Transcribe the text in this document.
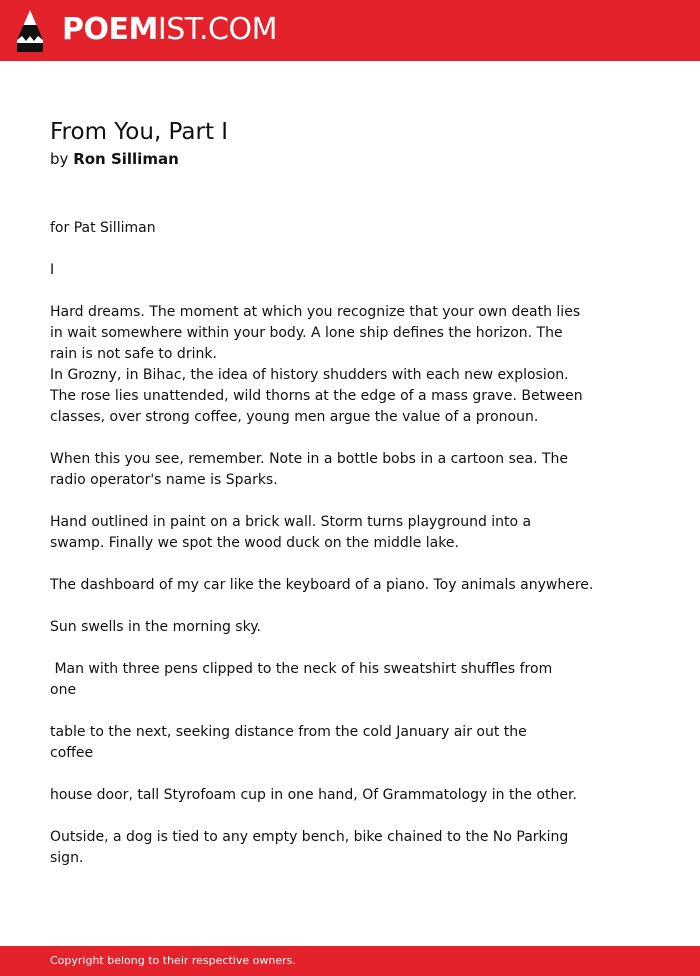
POEMIST.COM
From You, Part I
by Ron Silliman
for Pat Silliman
I
Hard dreams. The moment at which you recognize that your own death lies
in wait somewhere within your body. A lone ship defines the horizon. The
rain is not safe to drink.
In Grozny, in Bihac, the idea of history shudders with each new explosion.
The rose lies unattended, wild thorns at the edge of a mass grave. Between
classes, over strong coffee, young men argue the value of a pronoun.
When this you see, remember. Note in a bottle bobs in a cartoon sea. The
radio operator's name is Sparks.
Hand outlined in paint on a brick wall. Storm turns playground into a
swamp. Finally we spot the wood duck on the middle lake.
The dashboard of my car like the keyboard of a piano. Toy animals anywhere.
Sun swells in the morning sky.
Man with three pens clipped to the neck of his sweatshirt shuffles from
one
table to the next, seeking distance from the cold January air out the
coffee
house door, tall Styrofoam cup in one hand, Of Grammatology in the other.
Outside, a dog is tied to any empty bench, bike chained to the No Parking
sign.
Copyright belong to their respective owners.
